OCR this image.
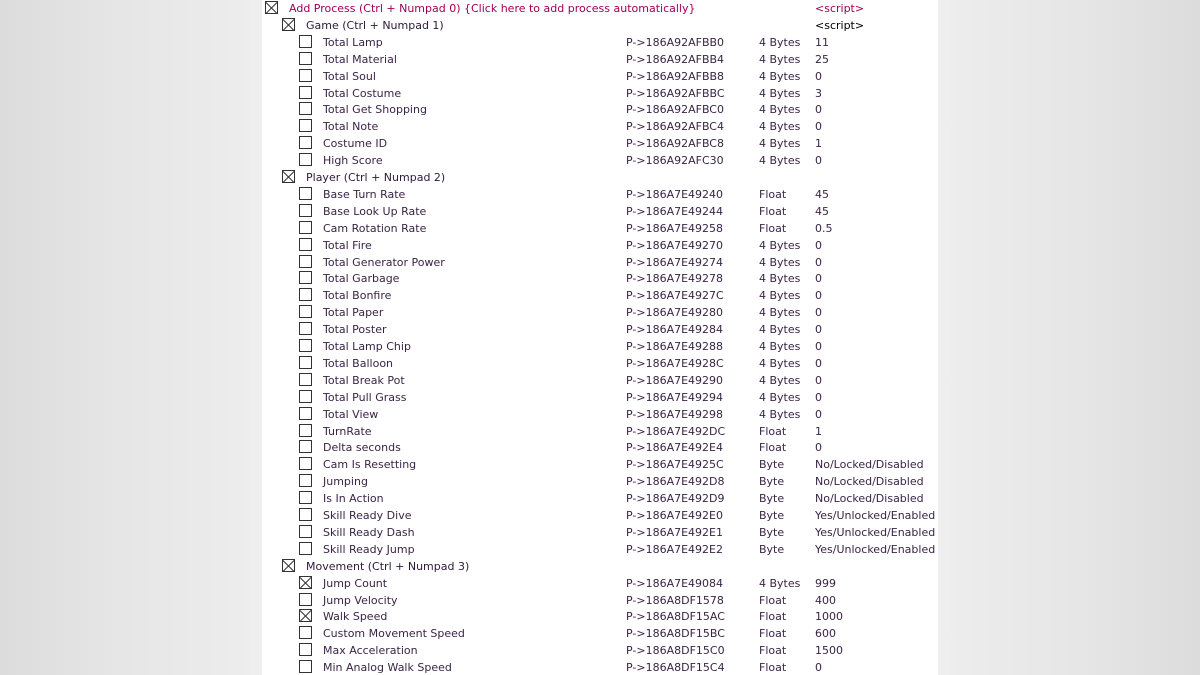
Add Process (Ctrl + Numpad 0) {Click here to add process automatically}	<script>
Game (Ctrl + Numpad 1)	<script>
Total Lamp	P->186A92AFBB0	4 Bytes 11
Total Material	P->186A92AFBB4	4 Bytes 25
Total Soul	P->186A92AFBB8	4 Bytes 0
Total Costume	P->186A92AFBBC	4 Bytes 3
Total Get Shopping	P->186A92AFBC0	4 Bytes 0
Total Note	P->186A92AFBC4	4 Bytes 0
Costume ID	P->186A92AFBC8	4 Bytes 1
High Score	P->186A92AFC30	4 Bytes 0
Player (Ctrl + Numpad 2)
Base Turn Rate	P->186A7E49240	Float	45
Base Look Up Rate	P->186A7E49244	Float	45
Cam Rotation Rate	P->186A7E49258	Float	0.5
Total Fire	P->186A7E49270	4 Bytes 0
Total Generator Power	P->186A7E49274	4 Bytes 0
Total Garbage	P->186A7E49278	4 Bytes 0
Total Bonfire	P->186A7E4927C	4 Bytes 0
Total Paper	P->186A7E49280	4 Bytes 0
Total Poster	P->186A7E49284	4 Bytes 0
Total Lamp Chip	P->186A7E49288	4 Bytes 0
Total Balloon	P->186A7E4928C	4 Bytes 0
Total Break Pot	P->186A7E49290	4 Bytes 0
Total Pull Grass	P->186A7E49294	4 Bytes 0
Total View	P->186A7E49298	4 Bytes 0
TurnRate	P->186A7E492DC	Float	1
Delta seconds	P->186A7E492E4	Float	0
Cam Is Resetting	P->186A7E4925C	Byte	No/Locked/Disabled
Jumping	P->186A7E492D8	Byte	No/Locked/Disabled
Is In Action	P->186A7E492D9	Byte	No/Locked/Disabled
Skill Ready Dive	P->186A7E492E0	Byte	Yes/Unlocked/Enabled
Skill Ready Dash	P->186A7E492E1	Byte	Yes/Unlocked/Enabled
Skill Ready Jump	P->186A7E492E2	Byte	Yes/Unlocked/Enabled
Movement (Ctrl + Numpad 3)
Jump Count	P->186A7E49084	4 Bytes 999
Jump Velocity	P->186A8DF1578	Float	400
Walk Speed	P->186A8DF15AC	Float	1000
Custom Movement Speed	P->186A8DF15BC	Float	600
Max Acceleration	P->186A8DF15C0	Float	1500
Min Analog Walk Speed	P->186A8DF15C4	Float	0
